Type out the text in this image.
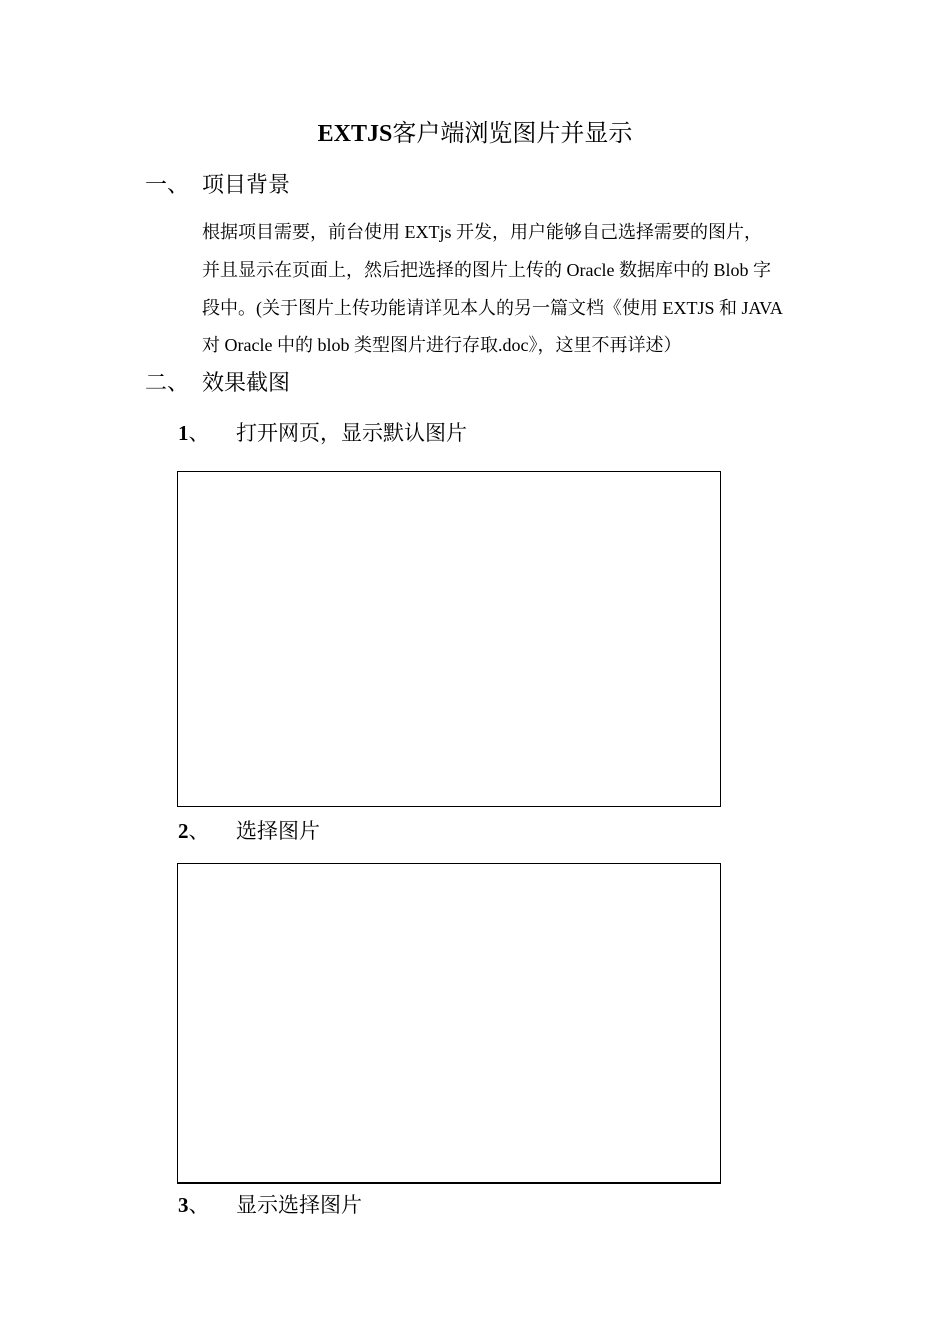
EXTJS客户端浏览图片并显示
一、 项目背景
根据项目需要，前台使用 EXTjs 开发，用户能够自己选择需要的图片，
并且显示在页面上，然后把选择的图片上传的 Oracle 数据库中的 Blob 字
段中。(关于图片上传功能请详见本人的另一篇文档《使用 EXTJS 和 JAVA
对 Oracle 中的 blob 类型图片进行存取.doc》，这里不再详述）
二、 效果截图
1、 打开网页，显示默认图片
2、 选择图片
3、 显示选择图片
